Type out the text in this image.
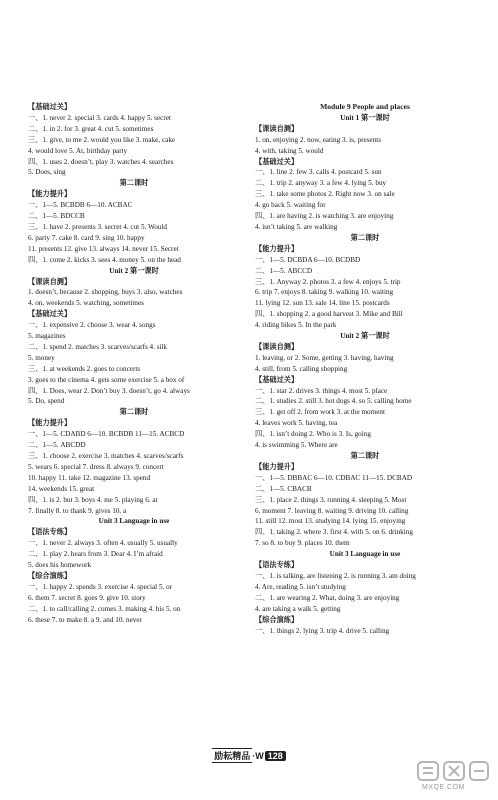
【基础过关】
一、1. never 2. special 3. cards 4. happy 5. secret
二、1. in 2. for 3. great 4. cut 5. sometimes
三、1. give, to me 2. would you like 3. make, cake
4. would love 5. At, birthday party
四、1. uses 2. doesn’t, play 3. watches 4. searches
5. Does, sing
第二课时
【能力提升】
一、1—5. BCBDB 6—10. ACBAC
二、1—5. BDCCB
三、1. have 2. presents 3. secret 4. cut 5. Would
6. party 7. cake 8. card 9. sing 10. happy
11. presents 12. give 13. always 14. never 15. Secret
四、1. come 2. kicks 3. sees 4. money 5. on the head
Unit 2 第一课时
【课读自测】
1. doesn’t, because 2. shopping, buys 3. also, watches
4. on, weekends 5. watching, sometimes
【基础过关】
一、1. expensive 2. choose 3. wear 4. songs
5. magazines
二、1. spend 2. matches 3. scarves/scarfs 4. silk
5. money
三、1. at weekends 2. goes to concerts
3. goes to the cinema 4. gets some exercise 5. a box of
四、1. Does, wear 2. Don’t buy 3. doesn’t, go 4. always
5. Do, spend
第二课时
【能力提升】
一、1—5. CDABD 6—10. BCBDB 11—15. ACBCD
二、1—5. ABCDD
三、1. choose 2. exercise 3. matches 4. scarves/scarfs
5. wears 6. special 7. dress 8. always 9. concert
10. happy 11. take 12. magazine 13. spend
14. weekends 15. great
四、1. is 2. but 3. boys 4. me 5. playing 6. at
7. finally 8. to thank 9. gives 10. a
Unit 3 Language in use
【语法专练】
一、1. never 2. always 3. often 4. usually 5. usually
二、1. play 2. hears from 3. Dear 4. I’m afraid
5. does his homework
【综合演练】
一、1. happy 2. spends 3. exercise 4. special 5. or
6. them 7. secret 8. goes 9. give 10. story
二、1. to call/calling 2. comes 3. making 4. his 5. on
6. these 7. to make 8. a 9. and 10. never
Module 9 People and places
Unit 1 第一课时
【课读自测】
1. on, enjoying 2. now, eating 3. is, presents
4. with, taking 5. would
【基础过关】
一、1. line 2. few 3. calls 4. postcard 5. sun
二、1. trip 2. anyway 3. a few 4. lying 5. buy
三、1. take some photos 2. Right now 3. on sale
4. go back 5. waiting for
四、1. are having 2. is watching 3. are enjoying
4. isn’t taking 5. are walking
第二课时
【能力提升】
一、1—5. DCBDA 6—10. BCDBD
二、1—5. ABCCD
三、1. Anyway 2. photos 3. a few 4. enjoys 5. trip
6. trip 7. enjoys 8. taking 9. walking 10. waiting
11. lying 12. sun 13. sale 14. line 15. postcards
四、1. shopping 2. a good harvest 3. Mike and Bill
4. riding bikes 5. In the park
Unit 2 第一课时
【课读自测】
1. leaving, or 2. Some, getting 3. having, having
4. still, from 5. calling shopping
【基础过关】
一、1. star 2. drives 3. things 4. most 5. place
二、1. studies 2. still 3. hot dogs 4. so 5. calling home
三、1. get off 2. from work 3. at the moment
4. leaves work 5. having, tea
四、1. isn’t doing 2. Who is 3. Is, going
4. is swimming 5. Where are
第二课时
【能力提升】
一、1—5. DBBAC 6—10. CDBAC 11—15. DCBAD
二、1—5. CBACB
三、1. place 2. things 3. running 4. sleeping 5. Most
6. moment 7. leaving 8. waiting 9. driving 10. calling
11. still 12. most 13. studying 14. lying 15. enjoying
四、1. taking 2. where 3. first 4. with 5. on 6. drinking
7. so 8. to buy 9. places 10. them
Unit 3 Language in use
【语法专练】
一、1. is talking, are listening 2. is running 3. am doing
4. Are, reading 5. isn’t studying
二、1. are wearing 2. What, doing 3. are enjoying
4. are taking a walk 5. getting
【综合演练】
一、1. things 2. lying 3. trip 4. drive 5. calling
励耘精品 ·W 128
MXQE.COM
